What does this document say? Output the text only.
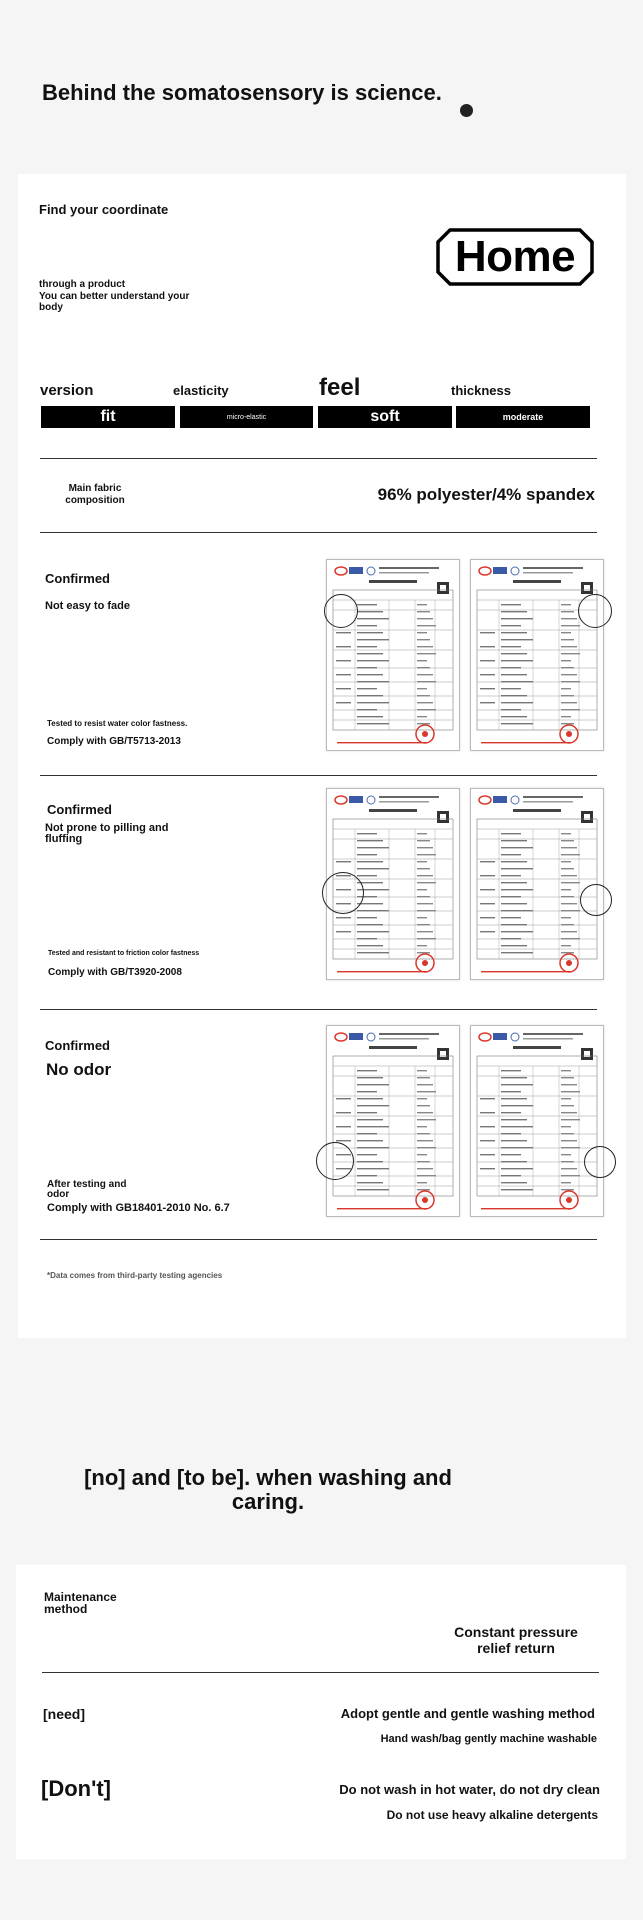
Behind the somatosensory is science.
Find your coordinate
through a product
You can better understand your body
Home
version	elasticity	feel	thickness
fit	micro-elastic	soft	moderate
Main fabric composition	96% polyester/4% spandex
Confirmed
Not easy to fade
Tested to resist water color fastness.
Comply with GB/T5713-2013
Confirmed
Not prone to pilling and fluffing
Tested and resistant to friction color fastness
Comply with GB/T3920-2008
Confirmed
No odor
After testing and odor
Comply with GB18401-2010 No. 6.7
*Data comes from third-party testing agencies
[no] and [to be]. when washing and caring.
Maintenance method
Constant pressure relief return
[need]	Adopt gentle and gentle washing method
Hand wash/bag gently machine washable
[Don't]	Do not wash in hot water, do not dry clean
Do not use heavy alkaline detergents
